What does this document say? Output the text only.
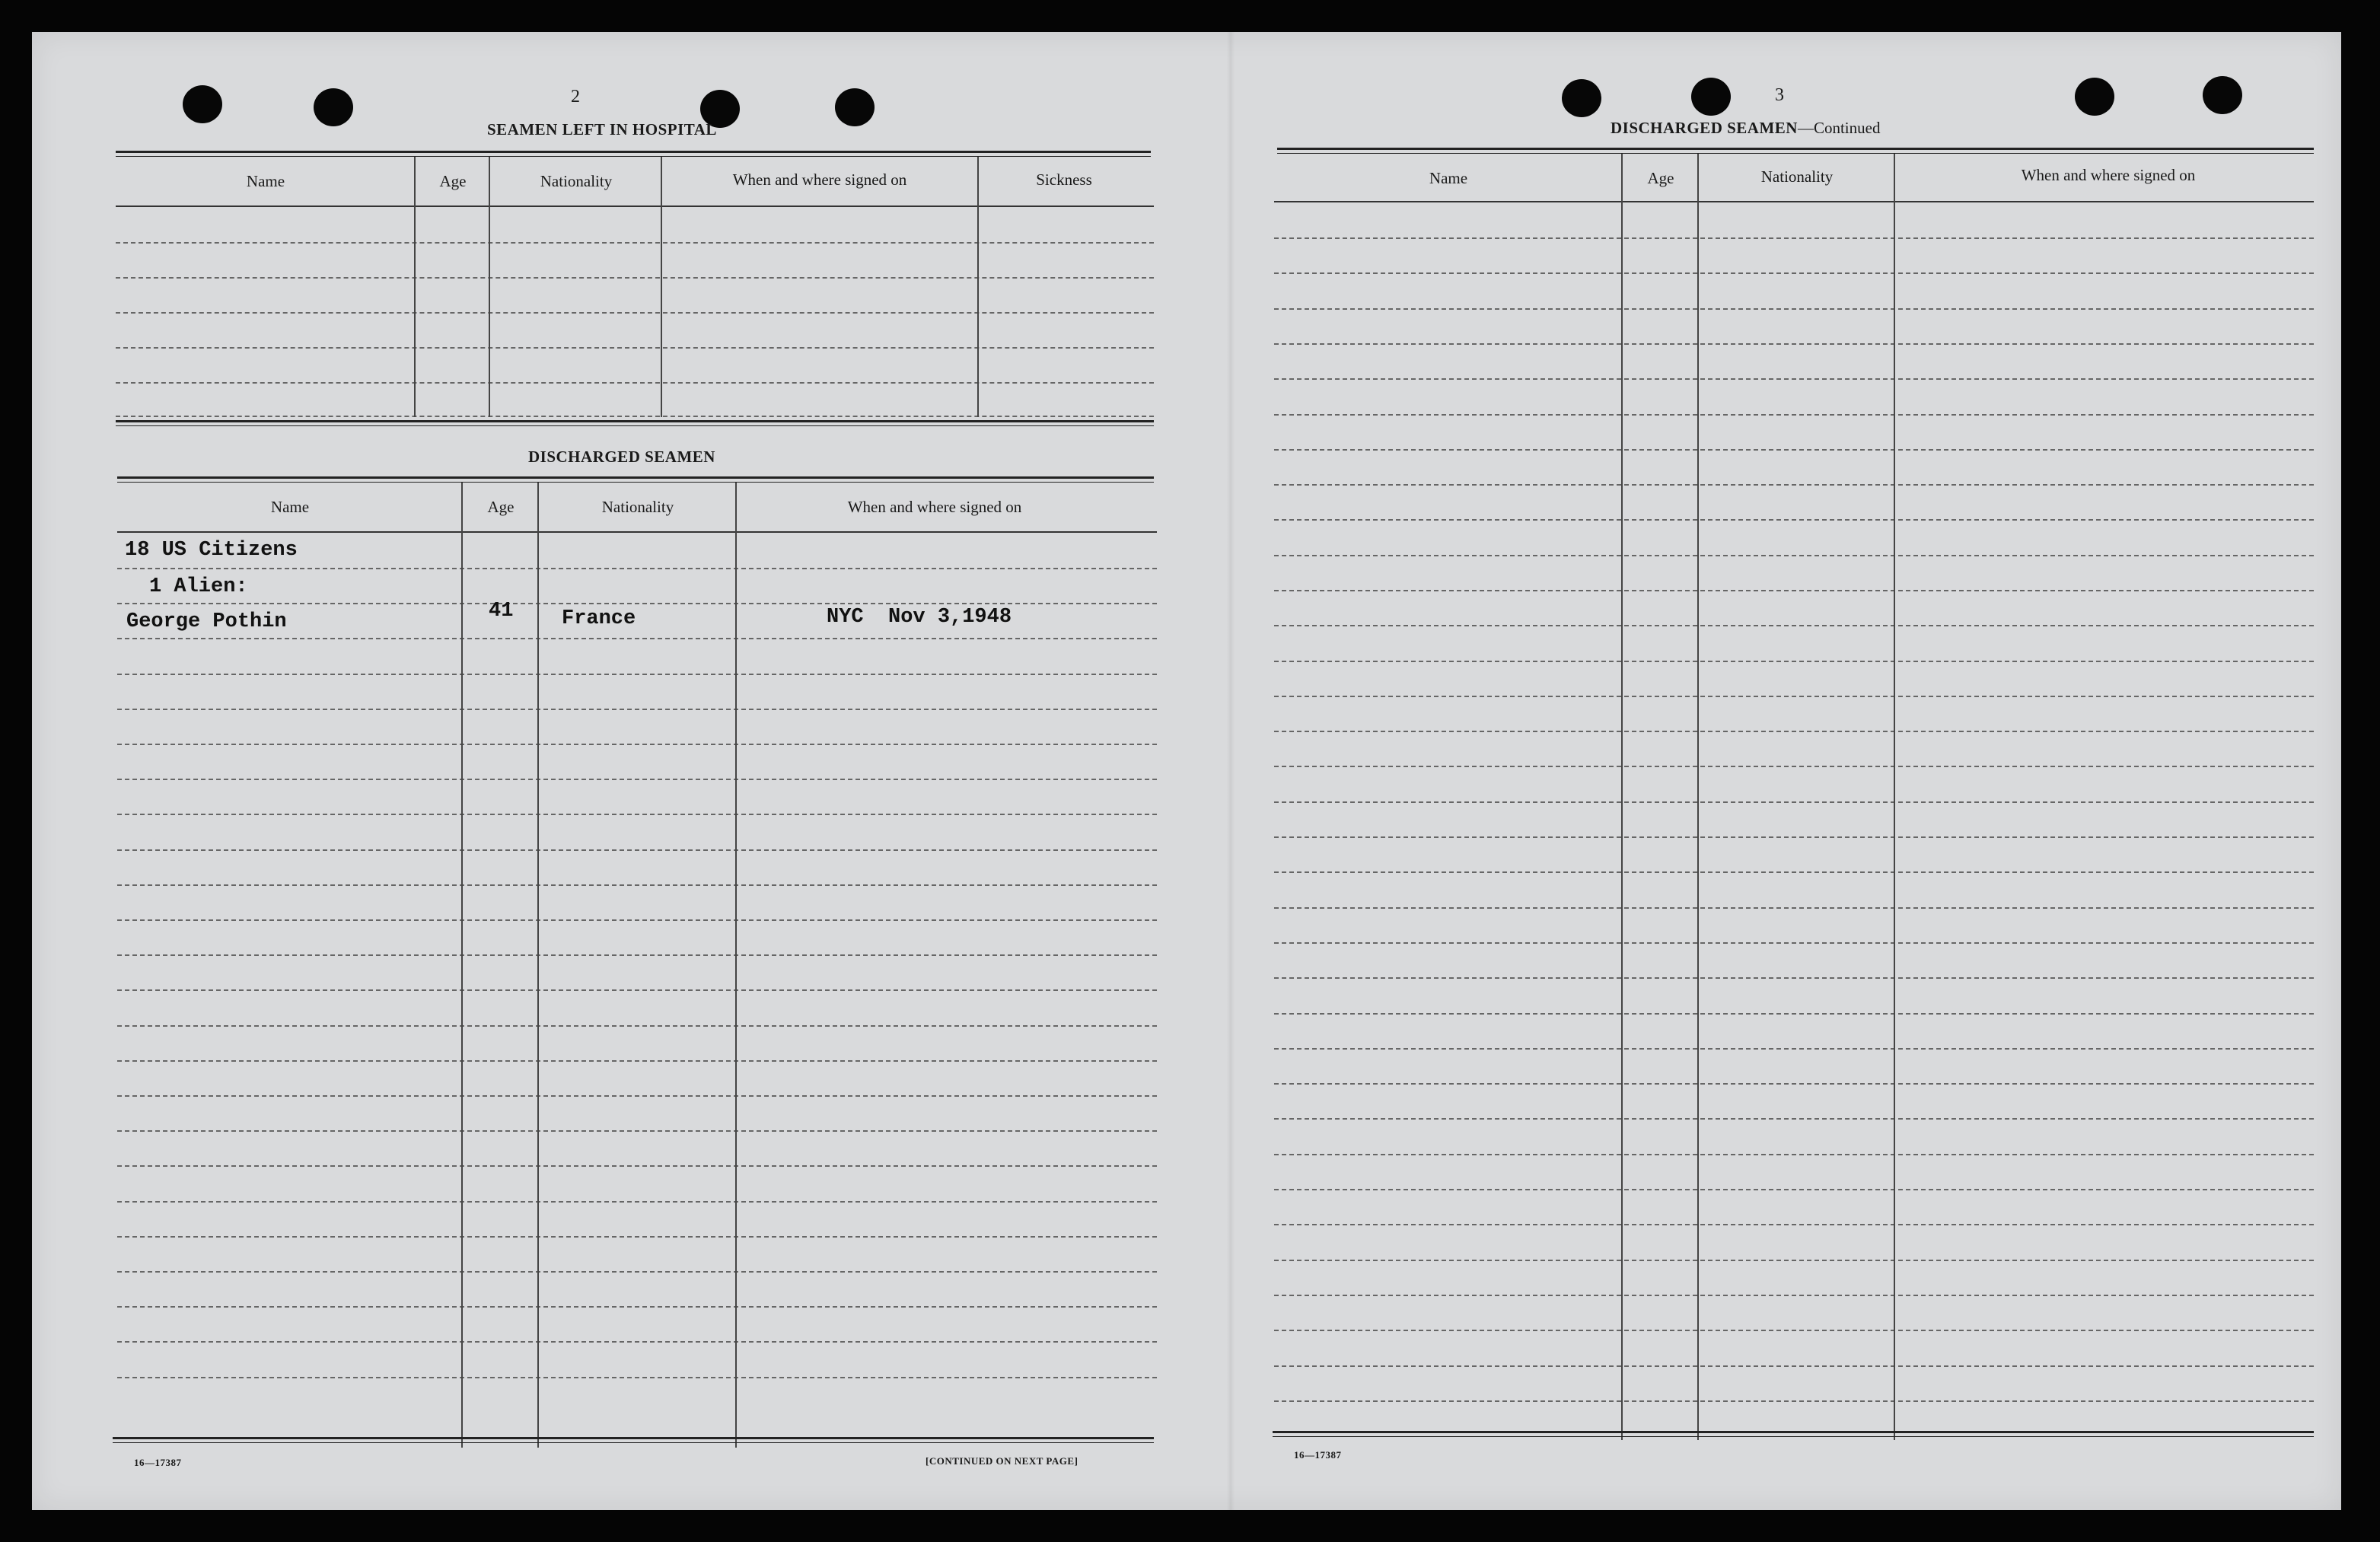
2
SEAMEN LEFT IN HOSPITAL
Name	Age	Nationality	When and where signed on	Sickness
DISCHARGED SEAMEN
Name	Age	Nationality	When and where signed on
18 US Citizens
1 Alien:
George Pothin	41 France	NYC  Nov 3,1948
16—17387	[CONTINUED ON NEXT PAGE]
3
DISCHARGED SEAMEN—Continued
Name	Age	Nationality	When and where signed on
16—17387
